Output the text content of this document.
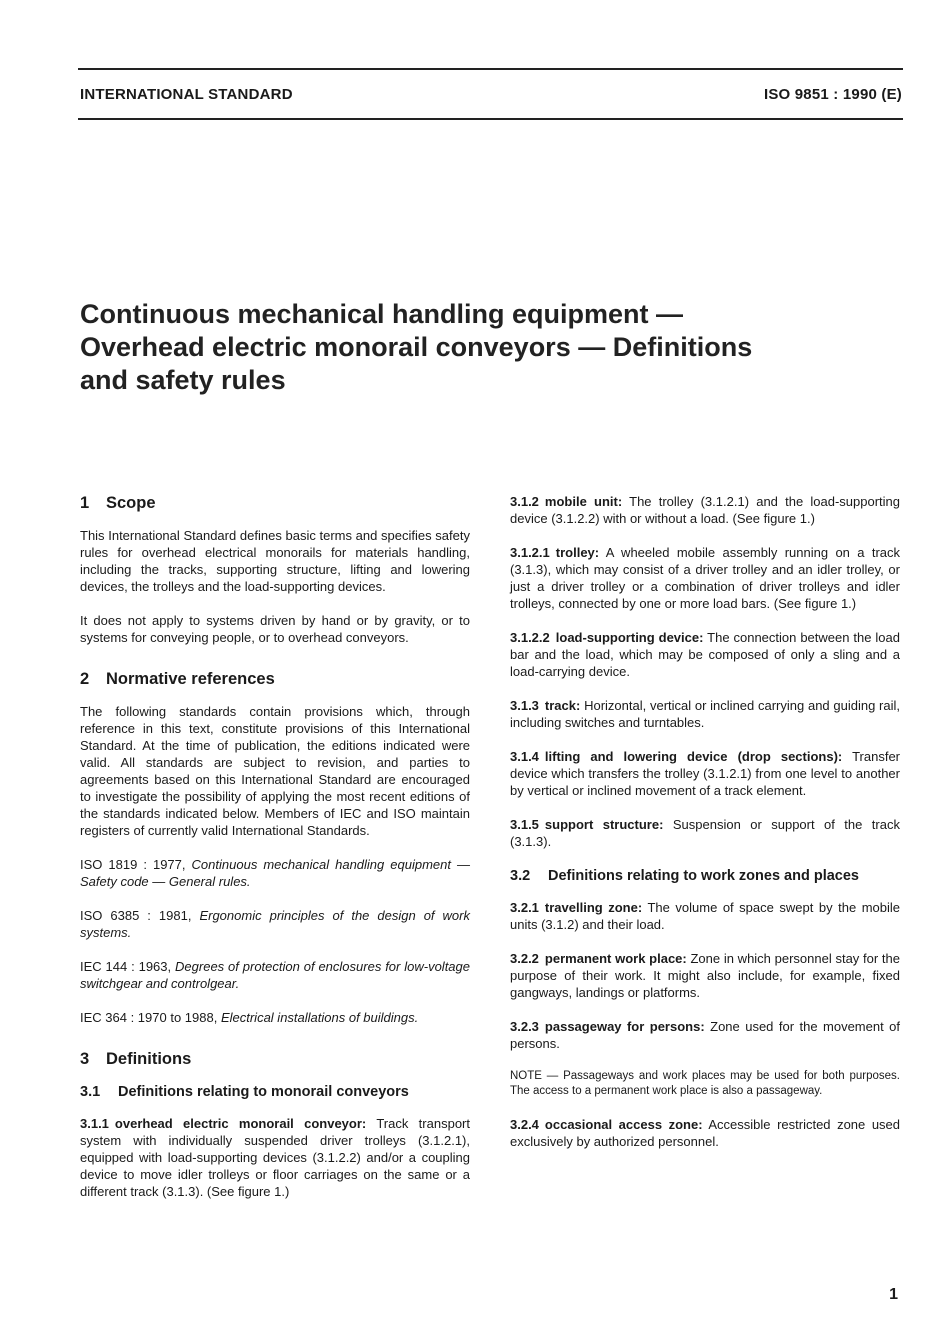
INTERNATIONAL STANDARD	ISO 9851 : 1990 (E)
Continuous mechanical handling equipment —
Overhead electric monorail conveyors — Definitions
and safety rules
1 Scope

This International Standard defines basic terms and specifies safety rules for overhead electrical monorails for materials handling, including the tracks, supporting structure, lifting and lowering devices, the trolleys and the load-supporting devices.

It does not apply to systems driven by hand or by gravity, or to systems for conveying people, or to overhead conveyors.

2 Normative references

The following standards contain provisions which, through reference in this text, constitute provisions of this International Standard. At the time of publication, the editions indicated were valid. All standards are subject to revision, and parties to agreements based on this International Standard are encouraged to investigate the possibility of applying the most recent editions of the standards indicated below. Members of IEC and ISO maintain registers of currently valid International Standards.

ISO 1819 : 1977, Continuous mechanical handling equipment — Safety code — General rules.

ISO 6385 : 1981, Ergonomic principles of the design of work systems.

IEC 144 : 1963, Degrees of protection of enclosures for low-voltage switchgear and controlgear.

IEC 364 : 1970 to 1988, Electrical installations of buildings.

3 Definitions
3.1 Definitions relating to monorail conveyors

3.1.1 overhead electric monorail conveyor: Track transport system with individually suspended driver trolleys (3.1.2.1), equipped with load-supporting devices (3.1.2.2) and/or a coupling device to move idler trolleys or floor carriages on the same or a different track (3.1.3). (See figure 1.)

3.1.2 mobile unit: The trolley (3.1.2.1) and the load-supporting device (3.1.2.2) with or without a load. (See figure 1.)

3.1.2.1 trolley: A wheeled mobile assembly running on a track (3.1.3), which may consist of a driver trolley and an idler trolley, or just a driver trolley or a combination of driver trolleys and idler trolleys, connected by one or more load bars. (See figure 1.)

3.1.2.2 load-supporting device: The connection between the load bar and the load, which may be composed of only a sling and a load-carrying device.

3.1.3 track: Horizontal, vertical or inclined carrying and guiding rail, including switches and turntables.

3.1.4 lifting and lowering device (drop sections): Transfer device which transfers the trolley (3.1.2.1) from one level to another by vertical or inclined movement of a track element.

3.1.5 support structure: Suspension or support of the track (3.1.3).

3.2 Definitions relating to work zones and places

3.2.1 travelling zone: The volume of space swept by the mobile units (3.1.2) and their load.

3.2.2 permanent work place: Zone in which personnel stay for the purpose of their work. It might also include, for example, fixed gangways, landings or platforms.

3.2.3 passageway for persons: Zone used for the movement of persons.

NOTE — Passageways and work places may be used for both purposes. The access to a permanent work place is also a passageway.

3.2.4 occasional access zone: Accessible restricted zone used exclusively by authorized personnel.

1
